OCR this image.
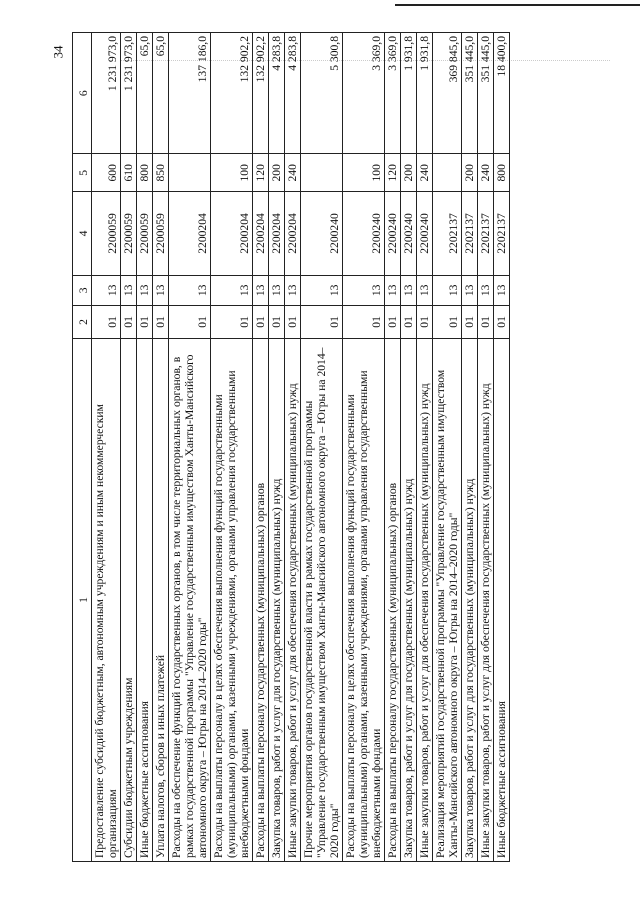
34
1	2	3	4	5	6
Предоставление субсидий бюджетным, автономным учреждениям и иным некоммерческим организациям	01	13	2200059	600	1 231 973,0
Субсидии бюджетным учреждениям	01	13	2200059	610	1 231 973,0
Иные бюджетные ассигнования	01	13	2200059	800	65,0
Уплата налогов, сборов и иных платежей	01	13	2200059	850	65,0
Расходы на обеспечение функций государственных органов, в том числе территориальных органов, в рамках государственной программы "Управление государственным имуществом Ханты-Мансийского автономного округа – Югры на 2014–2020 годы"	01	13	2200204		137 186,0
Расходы на выплаты персоналу в целях обеспечения выполнения функций государственными (муниципальными) органами, казенными учреждениями, органами управления государственными внебюджетными фондами	01	13	2200204	100	132 902,2
Расходы на выплаты персоналу государственных (муниципальных) органов	01	13	2200204	120	132 902,2
Закупка товаров, работ и услуг для государственных (муниципальных) нужд	01	13	2200204	200	4 283,8
Иные закупки товаров, работ и услуг для обеспечения государственных (муниципальных) нужд	01	13	2200204	240	4 283,8
Прочие мероприятия органов государственной власти в рамках государственной программы "Управление государственным имуществом Ханты-Мансийского автономного округа – Югры на 2014–2020 годы"	01	13	2200240		5 300,8
Расходы на выплаты персоналу в целях обеспечения выполнения функций государственными (муниципальными) органами, казенными учреждениями, органами управления государственными внебюджетными фондами	01	13	2200240	100	3 369,0
Расходы на выплаты персоналу государственных (муниципальных) органов	01	13	2200240	120	3 369,0
Закупка товаров, работ и услуг для государственных (муниципальных) нужд	01	13	2200240	200	1 931,8
Иные закупки товаров, работ и услуг для обеспечения государственных (муниципальных) нужд	01	13	2200240	240	1 931,8
Реализация мероприятий государственной программы "Управление государственным имуществом Ханты-Мансийского автономного округа – Югры на 2014–2020 годы"	01	13	2202137		369 845,0
Закупка товаров, работ и услуг для государственных (муниципальных) нужд	01	13	2202137	200	351 445,0
Иные закупки товаров, работ и услуг для обеспечения государственных (муниципальных) нужд	01	13	2202137	240	351 445,0
Иные бюджетные ассигнования	01	13	2202137	800	18 400,0
